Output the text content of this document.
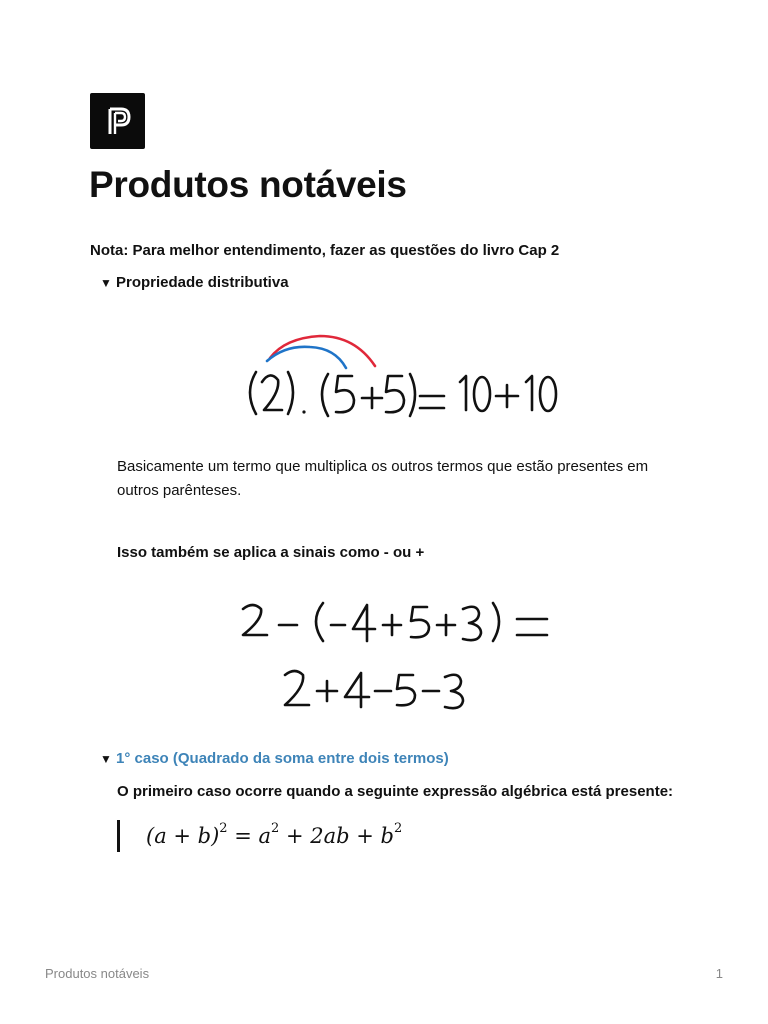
Produtos notáveis
Nota: Para melhor entendimento, fazer as questões do livro Cap 2
▼ Propriedade distributiva
Basicamente um termo que multiplica os outros termos que estão presentes em outros parênteses.
Isso também se aplica a sinais como - ou +
▼ 1° caso (Quadrado da soma entre dois termos)
O primeiro caso ocorre quando a seguinte expressão algébrica está presente:
$(a + b)^2 = a^2 + 2ab + b^2$
Produtos notáveis	1
